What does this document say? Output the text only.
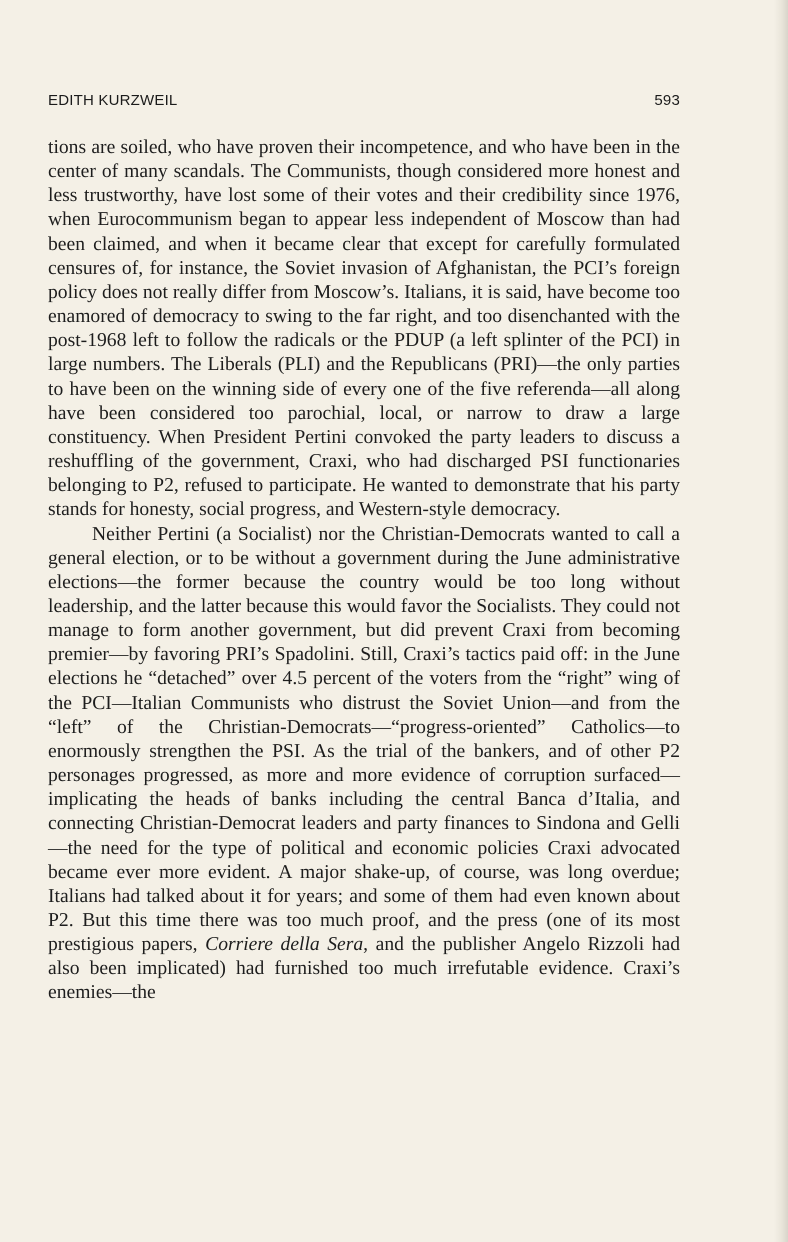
EDITH KURZWEIL	593

tions are soiled, who have proven their incompetence, and who have been in the center of many scandals. The Communists, though considered more honest and less trustworthy, have lost some of their votes and their credibility since 1976, when Eurocommunism began to appear less independent of Moscow than had been claimed, and when it became clear that except for carefully formulated censures of, for instance, the Soviet invasion of Afghanistan, the PCI’s foreign policy does not really differ from Moscow’s. Italians, it is said, have become too enamored of democracy to swing to the far right, and too disenchanted with the post-1968 left to follow the radicals or the PDUP (a left splinter of the PCI) in large numbers. The Liberals (PLI) and the Republicans (PRI)—the only parties to have been on the winning side of every one of the five referenda—all along have been considered too parochial, local, or narrow to draw a large constituency. When President Pertini convoked the party leaders to discuss a reshuffling of the government, Craxi, who had discharged PSI functionaries belonging to P2, refused to participate. He wanted to demonstrate that his party stands for honesty, social progress, and Western-style democracy.

Neither Pertini (a Socialist) nor the Christian-Democrats wanted to call a general election, or to be without a government during the June administrative elections—the former because the country would be too long without leadership, and the latter because this would favor the Socialists. They could not manage to form another government, but did prevent Craxi from becoming premier—by favoring PRI’s Spadolini. Still, Craxi’s tactics paid off: in the June elections he “detached” over 4.5 percent of the voters from the “right” wing of the PCI—Italian Communists who distrust the Soviet Union—and from the “left” of the Christian-Democrats—“progress-oriented” Catholics—to enormously strengthen the PSI. As the trial of the bankers, and of other P2 personages progressed, as more and more evidence of corruption surfaced—implicating the heads of banks including the central Banca d’Italia, and connecting Christian-Democrat leaders and party finances to Sindona and Gelli—the need for the type of political and economic policies Craxi advocated became ever more evident. A major shake-up, of course, was long overdue; Italians had talked about it for years; and some of them had even known about P2. But this time there was too much proof, and the press (one of its most prestigious papers, Corriere della Sera, and the publisher Angelo Rizzoli had also been implicated) had furnished too much irrefutable evidence. Craxi’s enemies—the
